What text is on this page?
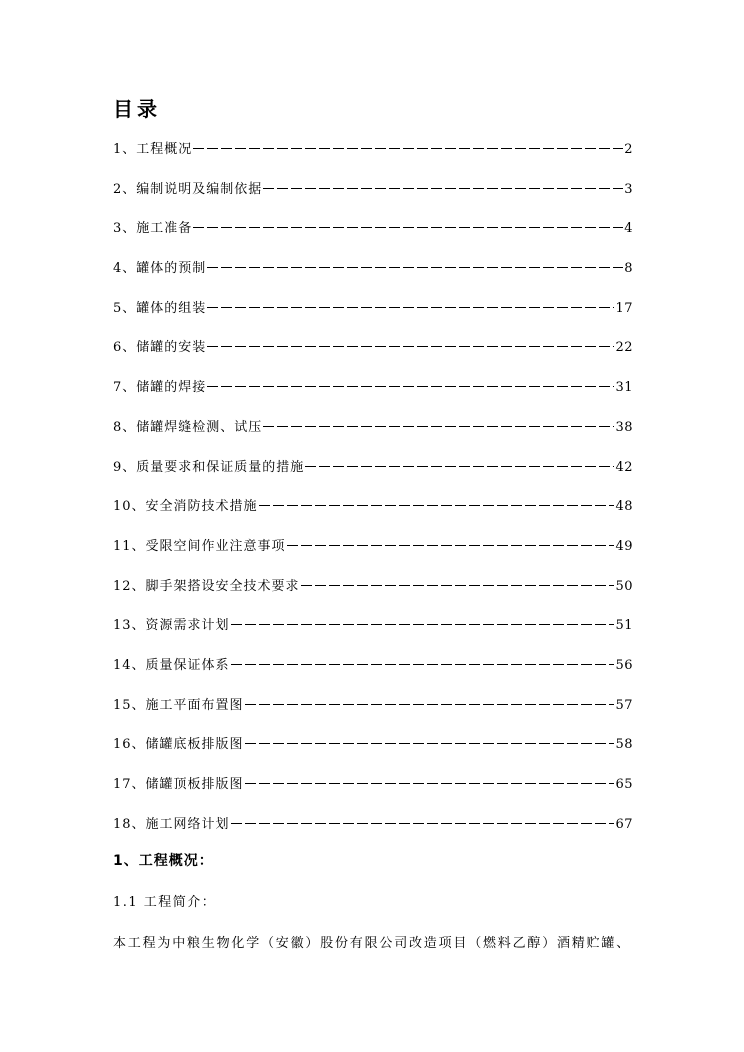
目录
1、工程概况	2
2、编制说明及编制依据	3
3、施工准备	4
4、罐体的预制	8
5、罐体的组装	17
6、储罐的安装	22
7、储罐的焊接	31
8、储罐焊缝检测、试压	38
9、质量要求和保证质量的措施	42
10、安全消防技术措施	48
11、受限空间作业注意事项	49
12、脚手架搭设安全技术要求	50
13、资源需求计划	51
14、质量保证体系	56
15、施工平面布置图	57
16、储罐底板排版图	58
17、储罐顶板排版图	65
18、施工网络计划	67
1、工程概况：
1.1 工程简介：
本工程为中粮生物化学（安徽）股份有限公司改造项目（燃料乙醇）酒精贮罐、
